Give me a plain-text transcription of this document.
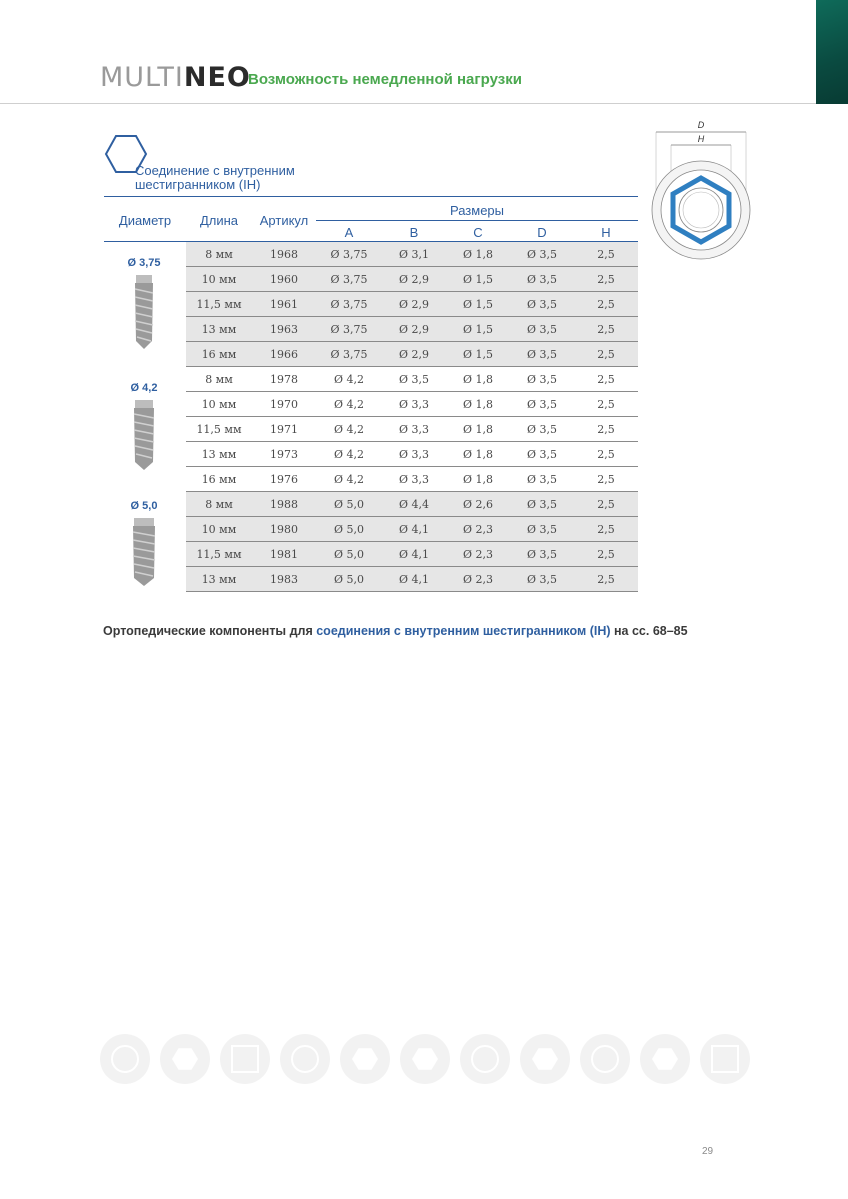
MULTINEO
Возможность немедленной нагрузки
Соединение с внутренним шестигранником (IH)
D
H
Диаметр	Длина	Артикул
Размеры
A	B	C	D	H
Ø 3,75
Ø 4,2
Ø 5,0
8 мм	1968	Ø 3,75	Ø 3,1	Ø 1,8	Ø 3,5	2,5
10 мм	1960	Ø 3,75	Ø 2,9	Ø 1,5	Ø 3,5	2,5
11,5 мм	1961	Ø 3,75	Ø 2,9	Ø 1,5	Ø 3,5	2,5
13 мм	1963	Ø 3,75	Ø 2,9	Ø 1,5	Ø 3,5	2,5
16 мм	1966	Ø 3,75	Ø 2,9	Ø 1,5	Ø 3,5	2,5
8 мм	1978	Ø 4,2	Ø 3,5	Ø 1,8	Ø 3,5	2,5
10 мм	1970	Ø 4,2	Ø 3,3	Ø 1,8	Ø 3,5	2,5
11,5 мм	1971	Ø 4,2	Ø 3,3	Ø 1,8	Ø 3,5	2,5
13 мм	1973	Ø 4,2	Ø 3,3	Ø 1,8	Ø 3,5	2,5
16 мм	1976	Ø 4,2	Ø 3,3	Ø 1,8	Ø 3,5	2,5
8 мм	1988	Ø 5,0	Ø 4,4	Ø 2,6	Ø 3,5	2,5
10 мм	1980	Ø 5,0	Ø 4,1	Ø 2,3	Ø 3,5	2,5
11,5 мм	1981	Ø 5,0	Ø 4,1	Ø 2,3	Ø 3,5	2,5
13 мм	1983	Ø 5,0	Ø 4,1	Ø 2,3	Ø 3,5	2,5
Ортопедические компоненты для соединения с внутренним шестигранником (IH) на сс. 68–85
29
